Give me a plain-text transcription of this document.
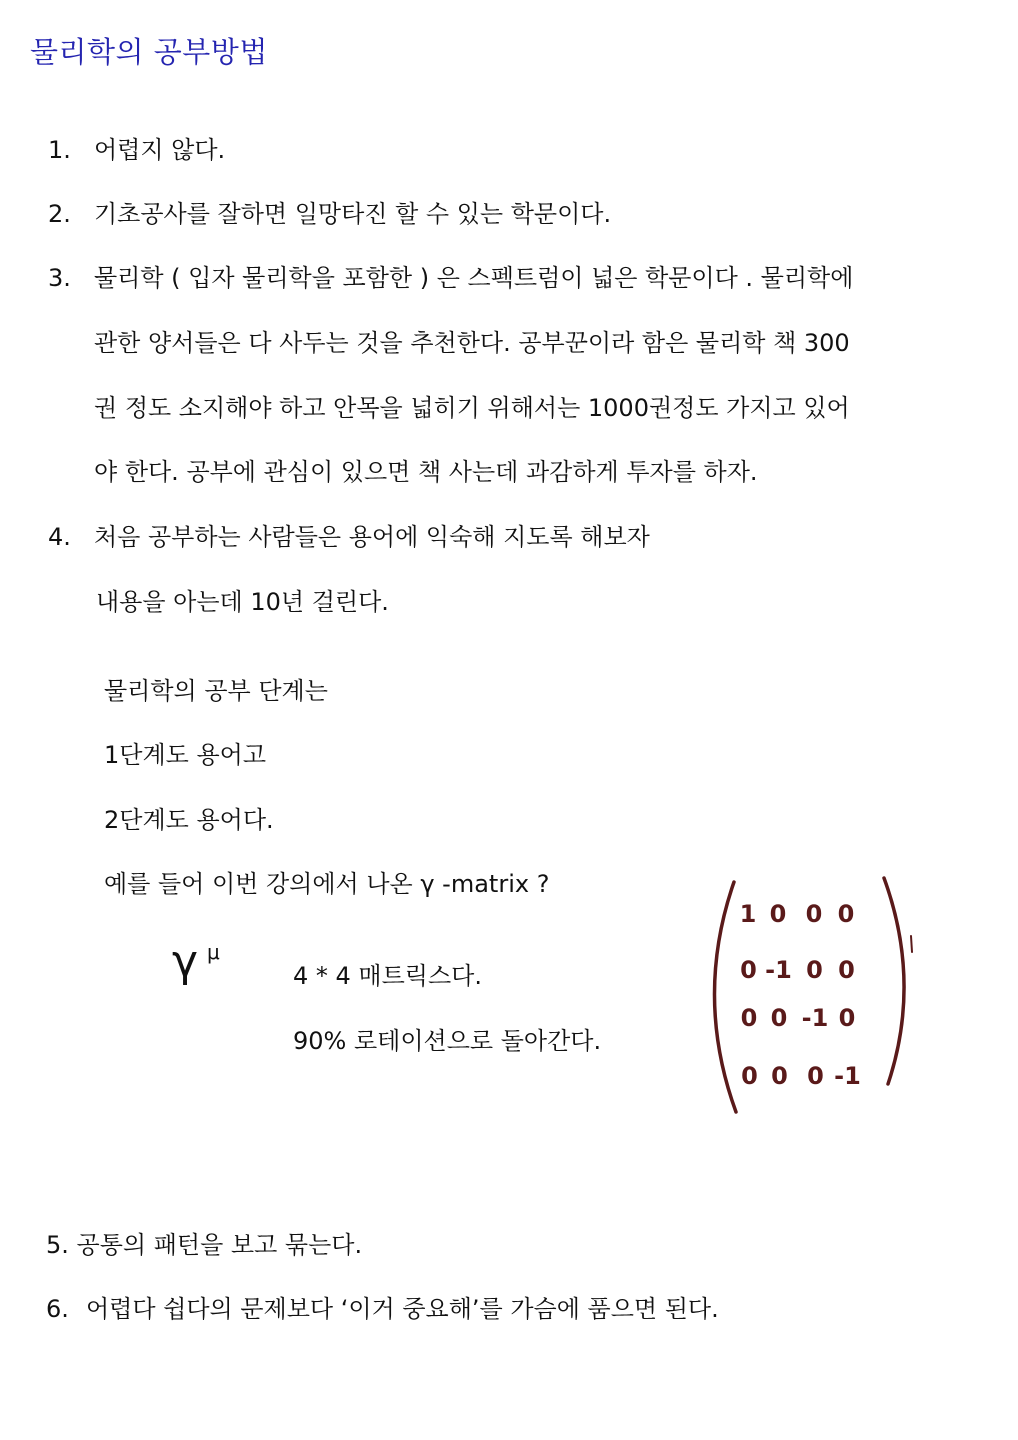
물리학의 공부방법
1. 어렵지 않다.
2. 기초공사를 잘하면 일망타진 할 수 있는 학문이다.
3. 물리학 ( 입자 물리학을 포함한 ) 은 스펙트럼이 넓은 학문이다 . 물리학에
관한 양서들은 다 사두는 것을 추천한다. 공부꾼이라 함은 물리학 책 300
권 정도 소지해야 하고 안목을 넓히기 위해서는 1000권정도 가지고 있어
야 한다. 공부에 관심이 있으면 책 사는데 과감하게 투자를 하자.
4. 처음 공부하는 사람들은 용어에 익숙해 지도록 해보자
내용을 아는데 10년 걸린다.
물리학의 공부 단계는
1단계도 용어고
2단계도 용어다.
예를 들어 이번 강의에서 나온 γ -matrix ?
γ μ
4 * 4 매트릭스다.
90% 로테이션으로 돌아간다.
1 0 0 0
0 -1 0 0
0 0 -1 0
0 0 0 -1
5. 공통의 패턴을 보고 묶는다.
6. 어렵다 쉽다의 문제보다 ‘이거 중요해’를 가슴에 품으면 된다.
